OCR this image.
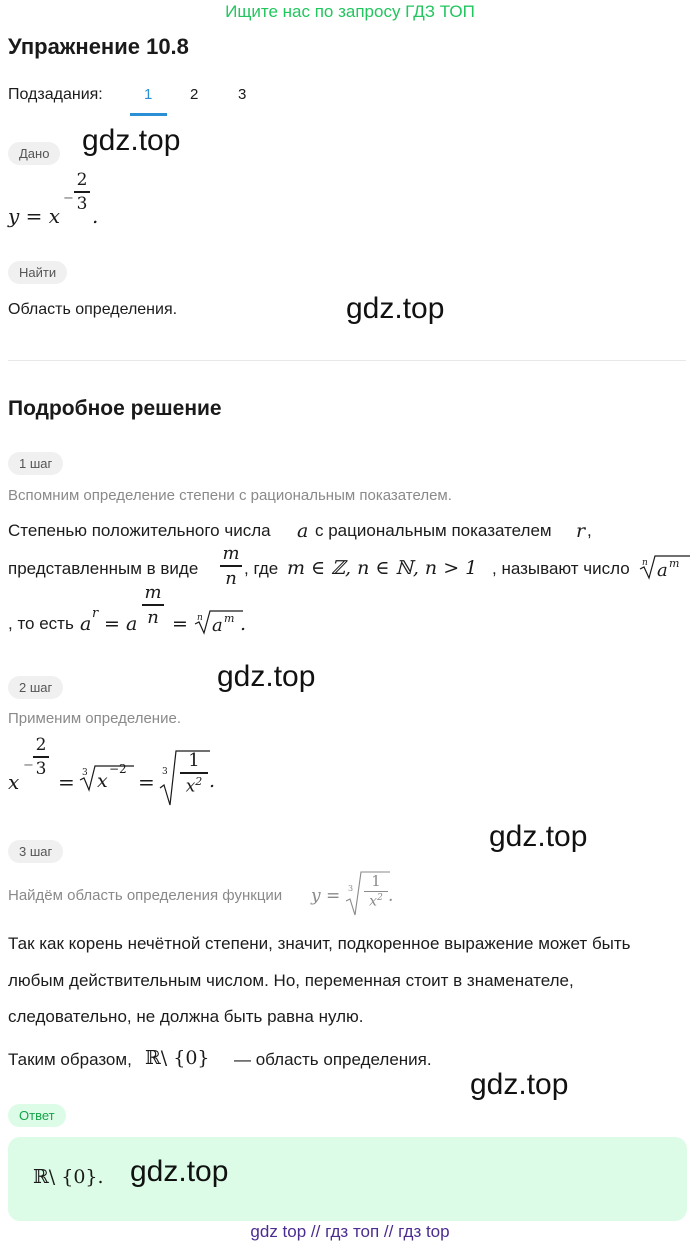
Ищите нас по запросу ГДЗ ТОП
Упражнение 10.8
Подзадания:	1	2	3
Дано	gdz.top
y = x
−
2
3
.
Найти
Область определения.	gdz.top
Подробное решение
1 шаг
Вспомним определение степени с рациональным показателем.
Степенью положительного числа a с рациональным показателем r ,
представленным в виде
m
n , где m ∈ ℤ, n ∈ ℕ, n > 1 , называют число n a m
, то есть a r = a
m
n = n a m .
gdz.top
2 шаг
Применим определение.
x
−
2
3
= 3 x
−2
= 3
1
$x^2$ .
gdz.top
3 шаг
Найдём область определения функции y = 3	1
$x^2$ .
Так как корень нечётной степени, значит, подкоренное выражение может быть
любым действительным числом. Но, переменная стоит в знаменателе,
следовательно, не должна быть равна нулю.
Таким образом, ℝ\ {0} — область определения.
gdz.top
Ответ
ℝ\ {0}. gdz.top
gdz top // гдз топ // гдз top
